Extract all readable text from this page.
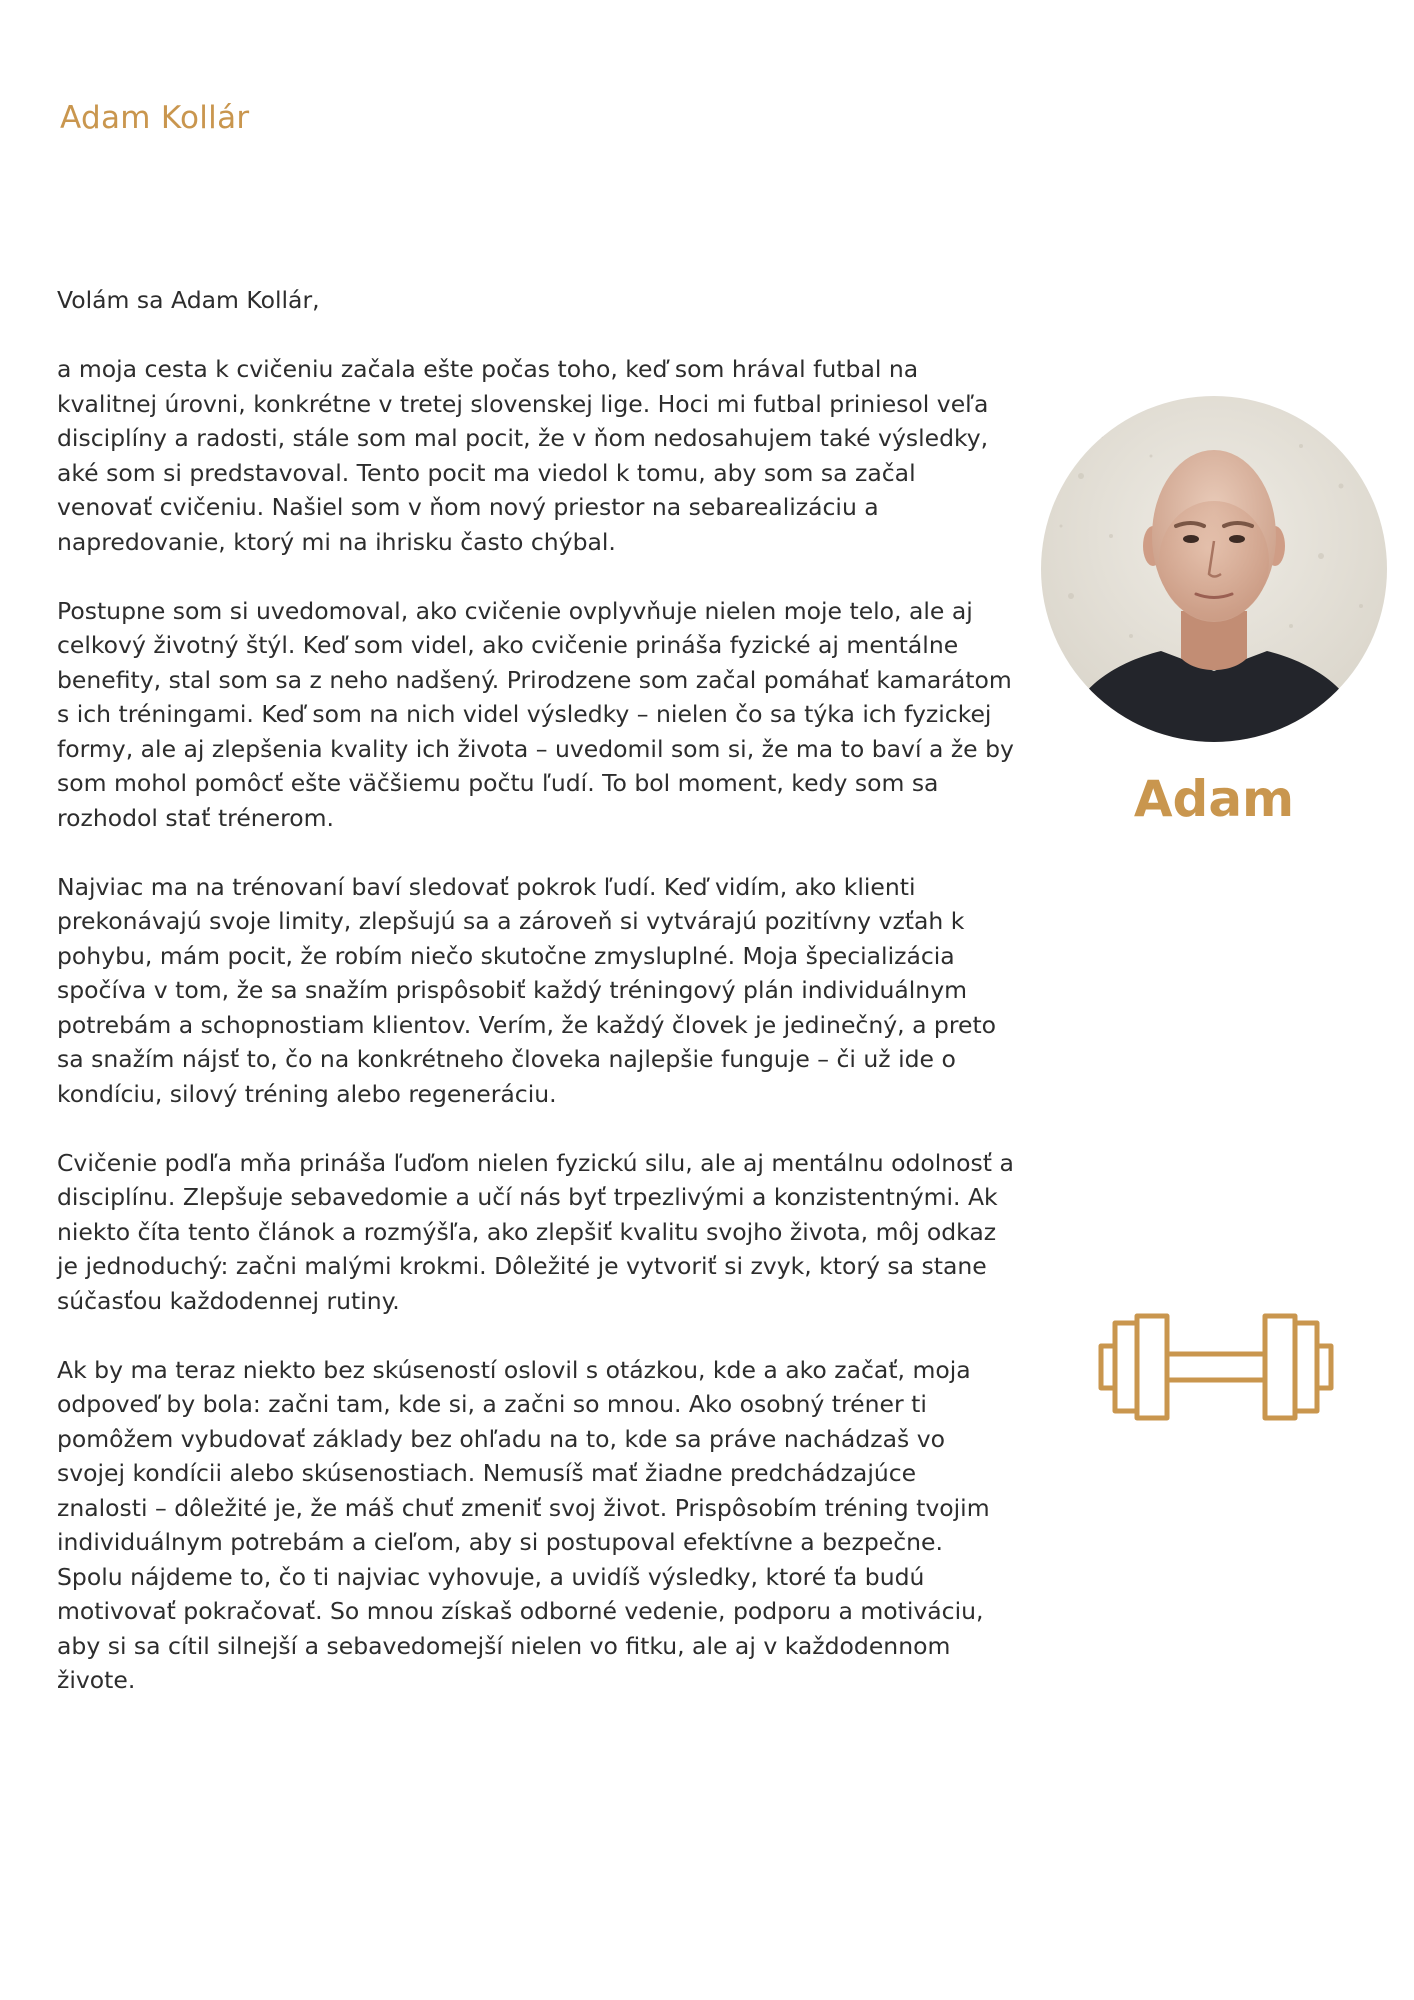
Adam Kollár

Volám sa Adam Kollár,

a moja cesta k cvičeniu začala ešte počas toho, keď som hrával futbal na
kvalitnej úrovni, konkrétne v tretej slovenskej lige. Hoci mi futbal priniesol veľa
disciplíny a radosti, stále som mal pocit, že v ňom nedosahujem také výsledky,
aké som si predstavoval. Tento pocit ma viedol k tomu, aby som sa začal
venovať cvičeniu. Našiel som v ňom nový priestor na sebarealizáciu a
napredovanie, ktorý mi na ihrisku často chýbal.

Postupne som si uvedomoval, ako cvičenie ovplyvňuje nielen moje telo, ale aj
celkový životný štýl. Keď som videl, ako cvičenie prináša fyzické aj mentálne
benefity, stal som sa z neho nadšený. Prirodzene som začal pomáhať kamarátom
s ich tréningami. Keď som na nich videl výsledky – nielen čo sa týka ich fyzickej
formy, ale aj zlepšenia kvality ich života – uvedomil som si, že ma to baví a že by
som mohol pomôcť ešte väčšiemu počtu ľudí. To bol moment, kedy som sa
rozhodol stať trénerom.

Najviac ma na trénovaní baví sledovať pokrok ľudí. Keď vidím, ako klienti
prekonávajú svoje limity, zlepšujú sa a zároveň si vytvárajú pozitívny vzťah k
pohybu, mám pocit, že robím niečo skutočne zmysluplné. Moja špecializácia
spočíva v tom, že sa snažím prispôsobiť každý tréningový plán individuálnym
potrebám a schopnostiam klientov. Verím, že každý človek je jedinečný, a preto
sa snažím nájsť to, čo na konkrétneho človeka najlepšie funguje – či už ide o
kondíciu, silový tréning alebo regeneráciu.

Cvičenie podľa mňa prináša ľuďom nielen fyzickú silu, ale aj mentálnu odolnosť a
disciplínu. Zlepšuje sebavedomie a učí nás byť trpezlivými a konzistentnými. Ak
niekto číta tento článok a rozmýšľa, ako zlepšiť kvalitu svojho života, môj odkaz
je jednoduchý: začni malými krokmi. Dôležité je vytvoriť si zvyk, ktorý sa stane
súčasťou každodennej rutiny.

Ak by ma teraz niekto bez skúseností oslovil s otázkou, kde a ako začať, moja
odpoveď by bola: začni tam, kde si, a začni so mnou. Ako osobný tréner ti
pomôžem vybudovať základy bez ohľadu na to, kde sa práve nachádzaš vo
svojej kondícii alebo skúsenostiach. Nemusíš mať žiadne predchádzajúce
znalosti – dôležité je, že máš chuť zmeniť svoj život. Prispôsobím tréning tvojim
individuálnym potrebám a cieľom, aby si postupoval efektívne a bezpečne.
Spolu nájdeme to, čo ti najviac vyhovuje, a uvidíš výsledky, ktoré ťa budú
motivovať pokračovať. So mnou získaš odborné vedenie, podporu a motiváciu,
aby si sa cítil silnejší a sebavedomejší nielen vo fitku, ale aj v každodennom
živote.

Adam
